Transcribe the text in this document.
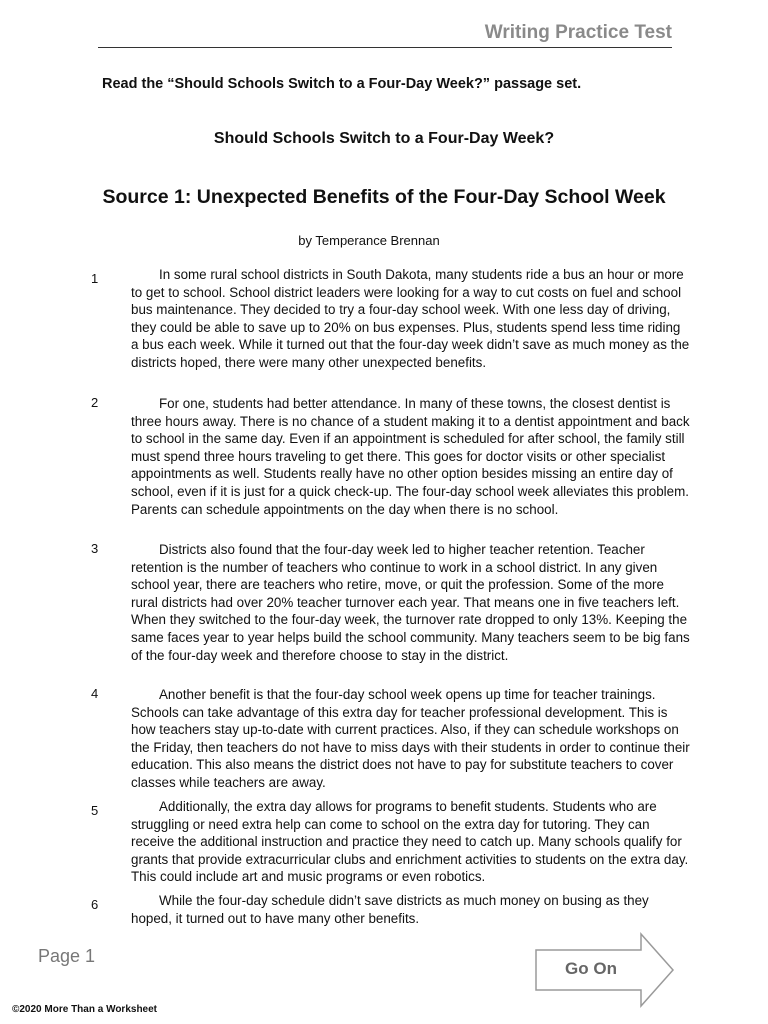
Writing Practice Test
Read the “Should Schools Switch to a Four-Day Week?” passage set.
Should Schools Switch to a Four-Day Week?
Source 1: Unexpected Benefits of the Four-Day School Week
by Temperance Brennan
1	In some rural school districts in South Dakota, many students ride a bus an hour or more to get to school. School district leaders were looking for a way to cut costs on fuel and school bus maintenance. They decided to try a four-day school week. With one less day of driving, they could be able to save up to 20% on bus expenses. Plus, students spend less time riding a bus each week. While it turned out that the four-day week didn’t save as much money as the districts hoped, there were many other unexpected benefits.

2	For one, students had better attendance. In many of these towns, the closest dentist is three hours away. There is no chance of a student making it to a dentist appointment and back to school in the same day. Even if an appointment is scheduled for after school, the family still must spend three hours traveling to get there. This goes for doctor visits or other specialist appointments as well. Students really have no other option besides missing an entire day of school, even if it is just for a quick check-up. The four-day school week alleviates this problem. Parents can schedule appointments on the day when there is no school.

3	Districts also found that the four-day week led to higher teacher retention. Teacher retention is the number of teachers who continue to work in a school district. In any given school year, there are teachers who retire, move, or quit the profession. Some of the more rural districts had over 20% teacher turnover each year. That means one in five teachers left. When they switched to the four-day week, the turnover rate dropped to only 13%. Keeping the same faces year to year helps build the school community. Many teachers seem to be big fans of the four-day week and therefore choose to stay in the district.

4	Another benefit is that the four-day school week opens up time for teacher trainings. Schools can take advantage of this extra day for teacher professional development. This is how teachers stay up-to-date with current practices. Also, if they can schedule workshops on the Friday, then teachers do not have to miss days with their students in order to continue their education. This also means the district does not have to pay for substitute teachers to cover classes while teachers are away.

5	Additionally, the extra day allows for programs to benefit students. Students who are struggling or need extra help can come to school on the extra day for tutoring. They can receive the additional instruction and practice they need to catch up. Many schools qualify for grants that provide extracurricular clubs and enrichment activities to students on the extra day. This could include art and music programs or even robotics.

6	While the four-day schedule didn’t save districts as much money on busing as they hoped, it turned out to have many other benefits.

Page 1
Go On
©2020 More Than a Worksheet
